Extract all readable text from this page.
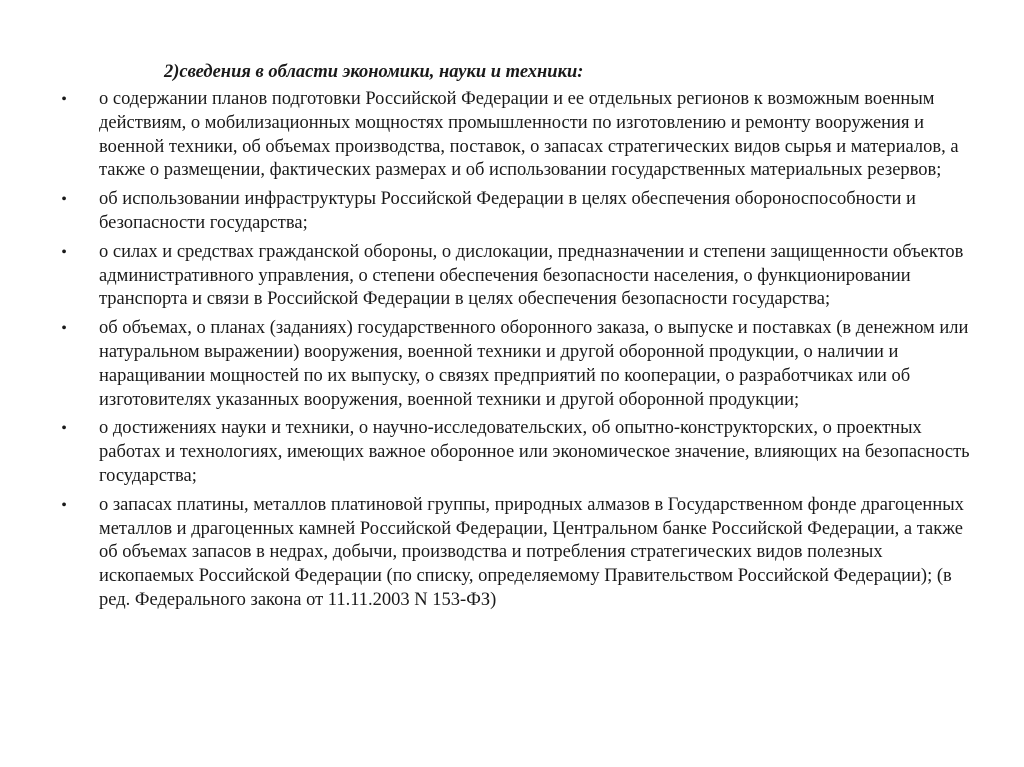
2)сведения в области экономики, науки и техники:
• о содержании планов подготовки Российской Федерации и ее отдельных регионов к возможным военным действиям, о мобилизационных мощностях промышленности по изготовлению и ремонту вооружения и военной техники, об объемах производства, поставок, о запасах стратегических видов сырья и материалов, а также о размещении, фактических размерах и об использовании государственных материальных резервов;
• об использовании инфраструктуры Российской Федерации в целях обеспечения обороноспособности и безопасности государства;
• о силах и средствах гражданской обороны, о дислокации, предназначении и степени защищенности объектов административного управления, о степени обеспечения безопасности населения, о функционировании транспорта и связи в Российской Федерации в целях обеспечения безопасности государства;
• об объемах, о планах (заданиях) государственного оборонного заказа, о выпуске и поставках (в денежном или натуральном выражении) вооружения, военной техники и другой оборонной продукции, о наличии и наращивании мощностей по их выпуску, о связях предприятий по кооперации, о разработчиках или об изготовителях указанных вооружения, военной техники и другой оборонной продукции;
• о достижениях науки и техники, о научно-исследовательских, об опытно-конструкторских, о проектных работах и технологиях, имеющих важное оборонное или экономическое значение, влияющих на безопасность государства;
• о запасах платины, металлов платиновой группы, природных алмазов в Государственном фонде драгоценных металлов и драгоценных камней Российской Федерации, Центральном банке Российской Федерации, а также об объемах запасов в недрах, добычи, производства и потребления стратегических видов полезных ископаемых Российской Федерации (по списку, определяемому Правительством Российской Федерации); (в ред. Федерального закона от 11.11.2003 N 153-ФЗ)
